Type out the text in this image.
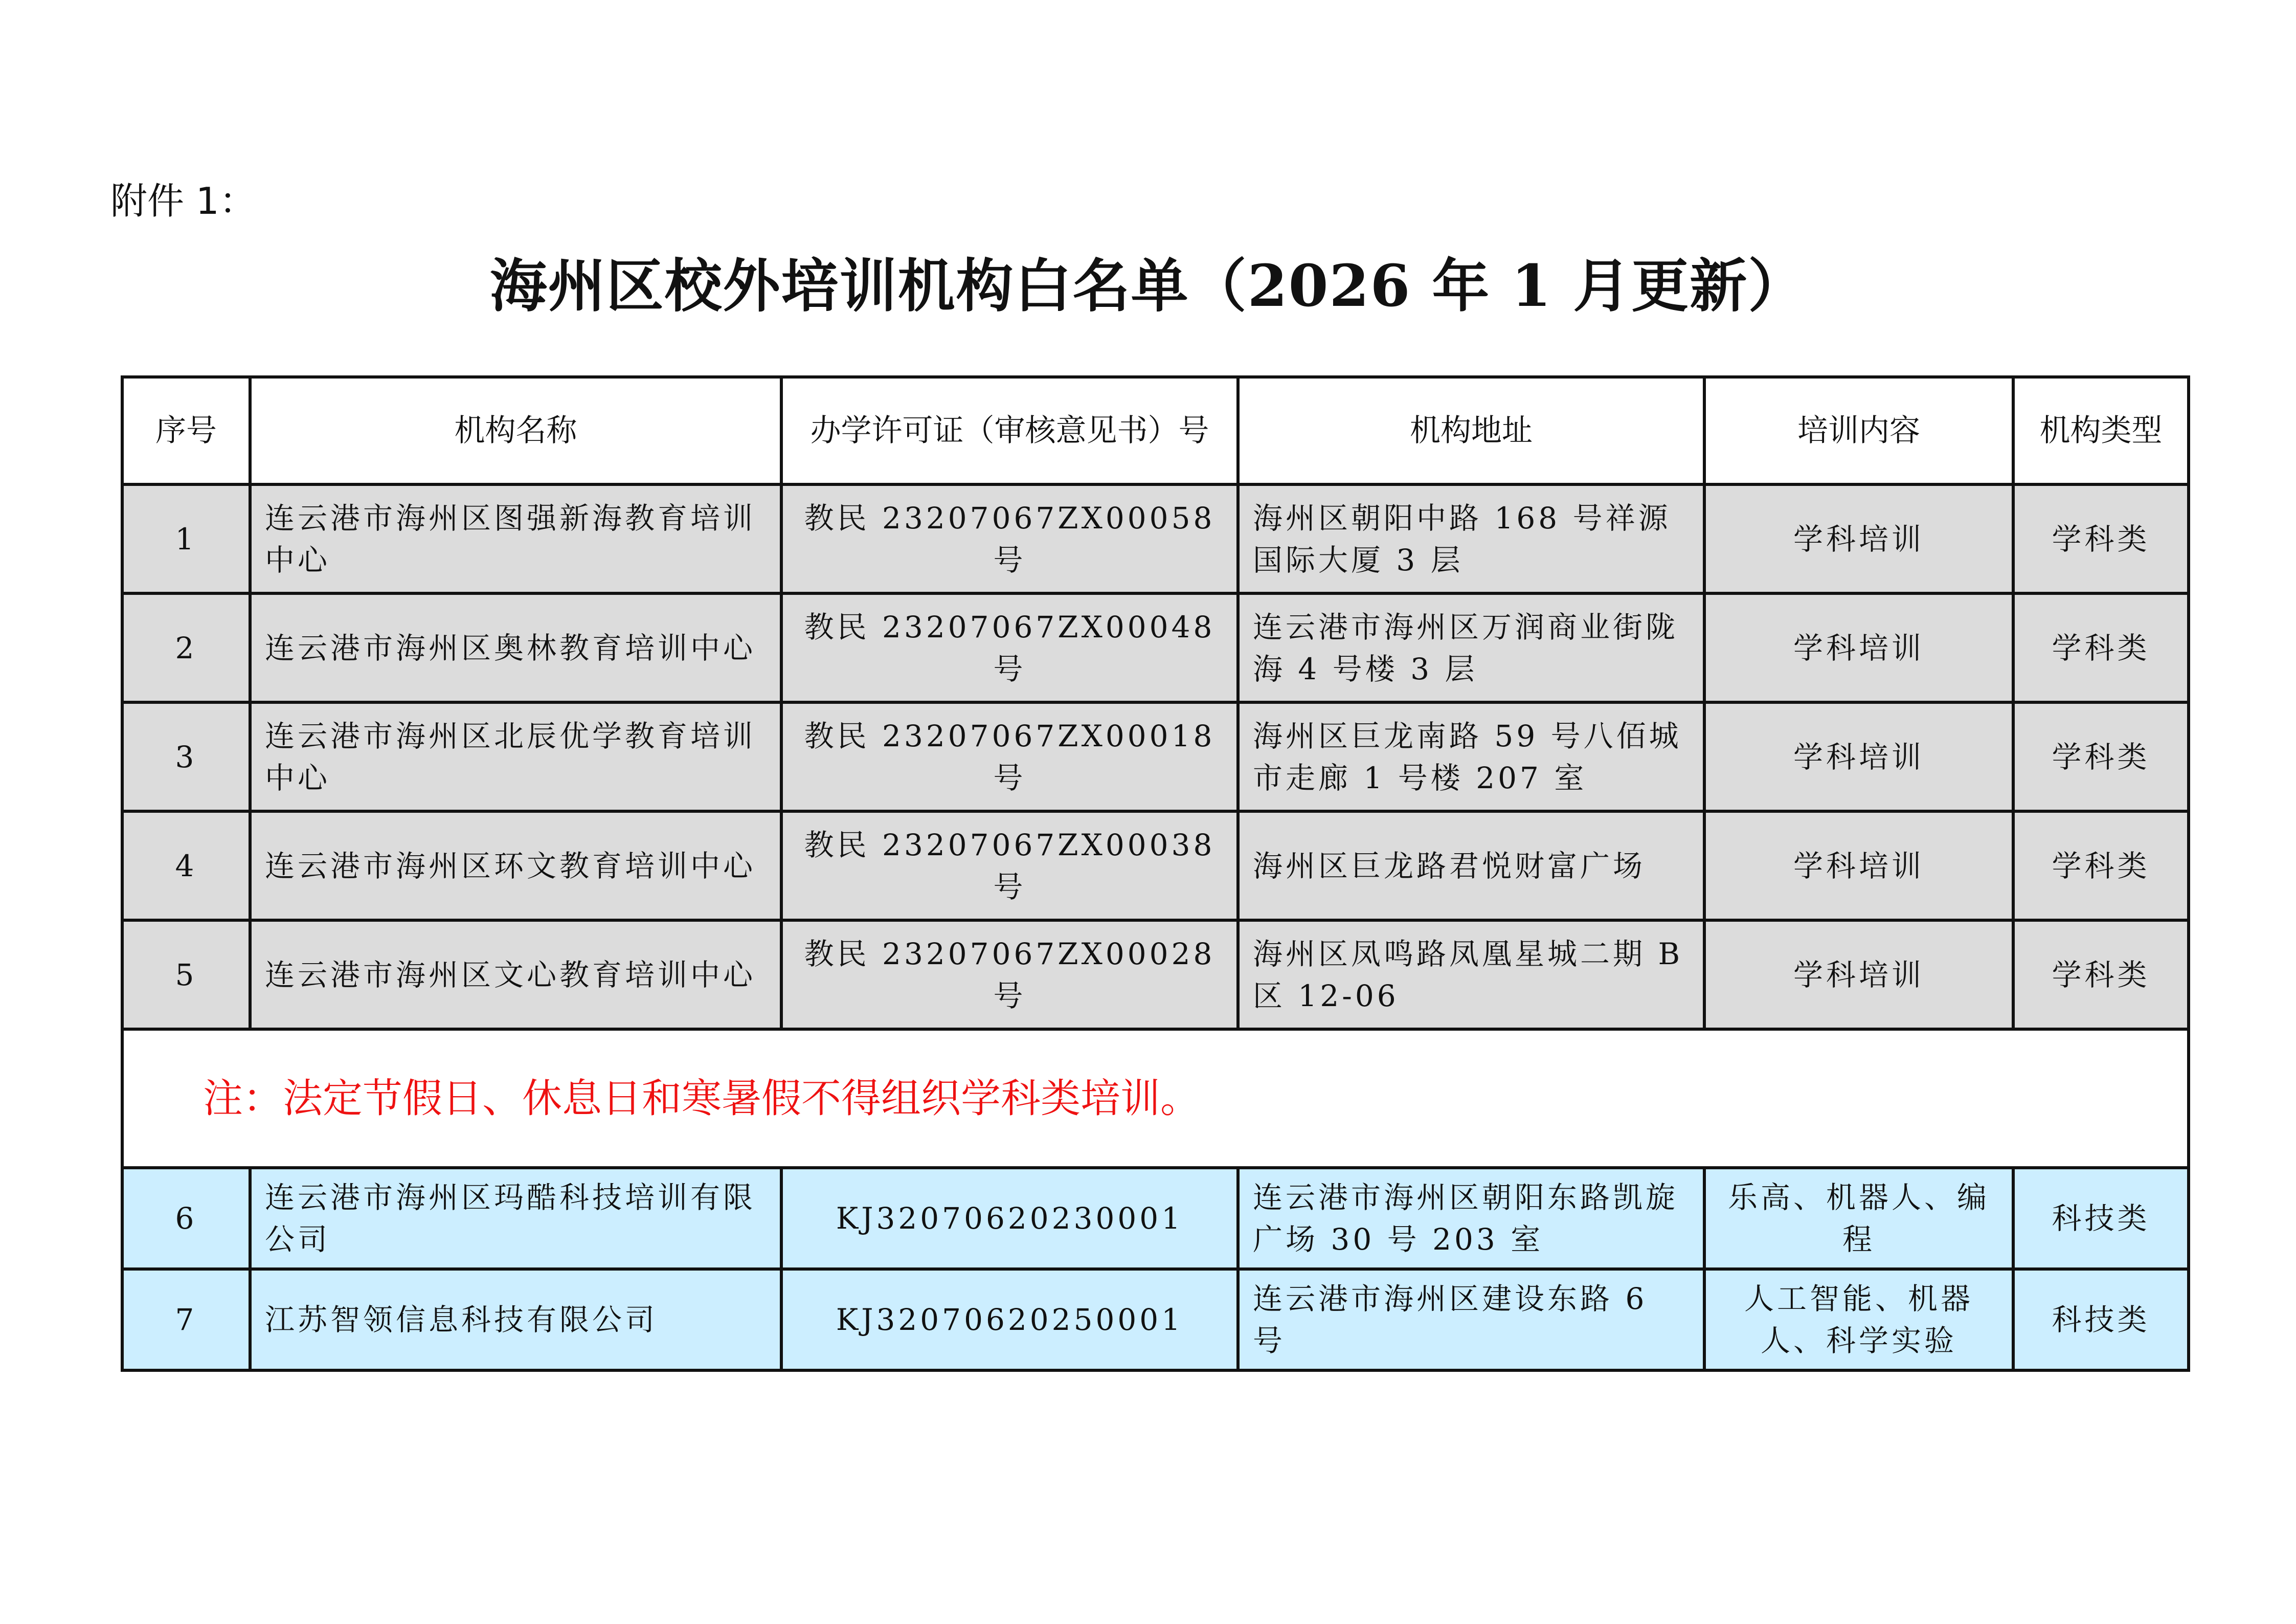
附件 1：
海州区校外培训机构白名单（2026 年 1 月更新）
序号	机构名称	办学许可证（审核意见书）号	机构地址	培训内容	机构类型
1	连云港市海州区图强新海教育培训中心	教民 23207067ZX00058 号	海州区朝阳中路 168 号祥源国际大厦 3 层	学科培训	学科类
2	连云港市海州区奥林教育培训中心	教民 23207067ZX00048 号	连云港市海州区万润商业街陇海 4 号楼 3 层	学科培训	学科类
3	连云港市海州区北辰优学教育培训中心	教民 23207067ZX00018 号	海州区巨龙南路 59 号八佰城市走廊 1 号楼 207 室	学科培训	学科类
4	连云港市海州区环文教育培训中心	教民 23207067ZX00038 号	海州区巨龙路君悦财富广场	学科培训	学科类
5	连云港市海州区文心教育培训中心	教民 23207067ZX00028 号	海州区凤鸣路凤凰星城二期 B 区 12-06	学科培训	学科类
注：法定节假日、休息日和寒暑假不得组织学科类培训。					
6	连云港市海州区玛酷科技培训有限公司	KJ32070620230001	连云港市海州区朝阳东路凯旋广场 30 号 203 室	乐高、机器人、编程	科技类
7	江苏智领信息科技有限公司	KJ32070620250001	连云港市海州区建设东路 6 号	人工智能、机器人、科学实验	科技类
